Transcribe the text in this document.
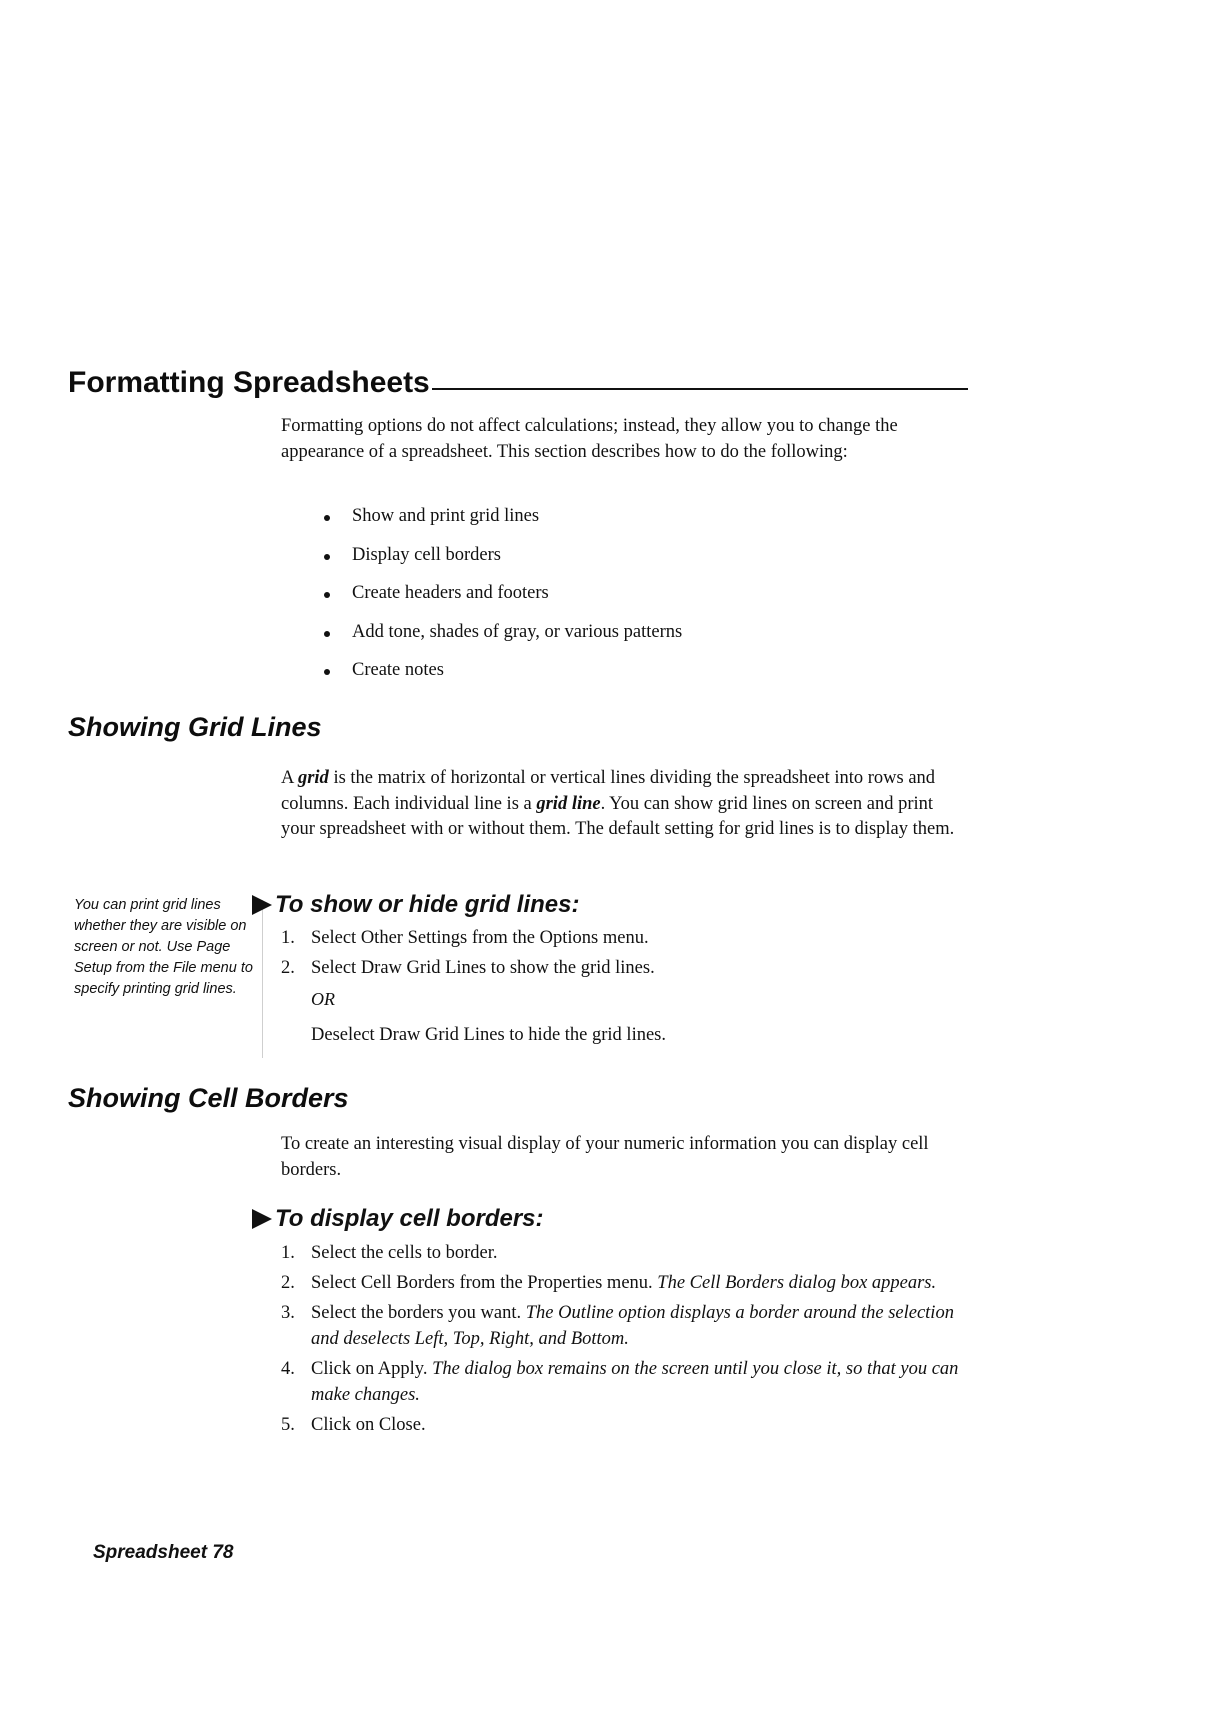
Formatting Spreadsheets
Formatting options do not affect calculations; instead, they allow you to change the appearance of a spreadsheet. This section describes how to do the following:
Show and print grid lines
Display cell borders
Create headers and footers
Add tone, shades of gray, or various patterns
Create notes
Showing Grid Lines
A grid is the matrix of horizontal or vertical lines dividing the spreadsheet into rows and columns. Each individual line is a grid line. You can show grid lines on screen and print your spreadsheet with or without them. The default setting for grid lines is to display them.
You can print grid lines whether they are visible on screen or not. Use Page Setup from the File menu to specify printing grid lines.
To show or hide grid lines:
1. Select Other Settings from the Options menu.
2. Select Draw Grid Lines to show the grid lines.
OR
Deselect Draw Grid Lines to hide the grid lines.
Showing Cell Borders
To create an interesting visual display of your numeric information you can display cell borders.
To display cell borders:
1. Select the cells to border.
2. Select Cell Borders from the Properties menu. The Cell Borders dialog box appears.
3. Select the borders you want. The Outline option displays a border around the selection and deselects Left, Top, Right, and Bottom.
4. Click on Apply. The dialog box remains on the screen until you close it, so that you can make changes.
5. Click on Close.
Spreadsheet 78
